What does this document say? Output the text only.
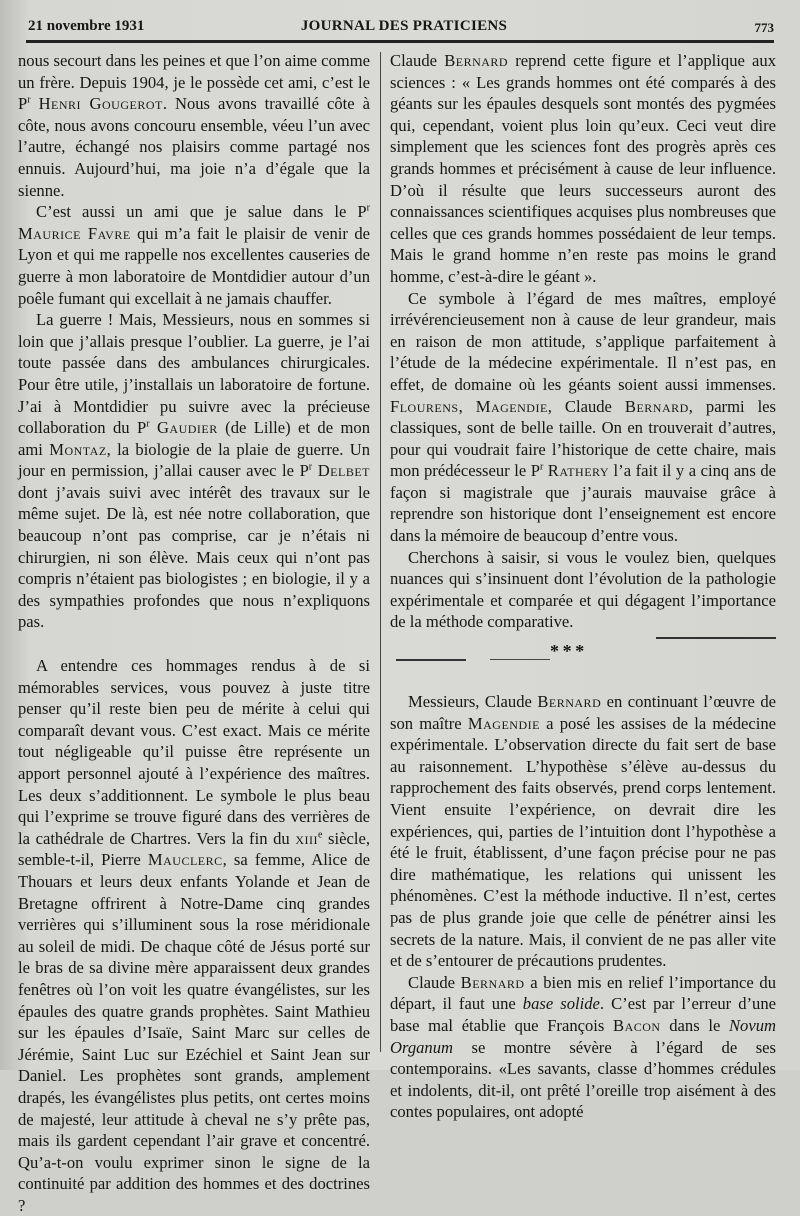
21 novembre 1931	JOURNAL DES PRATICIENS	773

nous secourt dans les peines et que l’on aime comme un frère. Depuis 1904, je le possède cet ami, c’est le $P^r$ Henri Gougerot. Nous avons travaillé côte à côte, nous avons concouru ensemble, véeu l’un avec l’autre, échangé nos plaisirs comme partagé nos ennuis. Aujourd’hui, ma joie n’a d’égale que la sienne.

C’est aussi un ami que je salue dans le $P^r$ Maurice Favre qui m’a fait le plaisir de venir de Lyon et qui me rappelle nos excellentes causeries de guerre à mon laboratoire de Montdidier autour d’un poêle fumant qui excellait à ne jamais chauffer.

La guerre ! Mais, Messieurs, nous en sommes si loin que j’allais presque l’oublier. La guerre, je l’ai toute passée dans des ambulances chirurgicales. Pour être utile, j’installais un laboratoire de fortune. J’ai à Montdidier pu suivre avec la précieuse collaboration du $P^r$ Gaudier (de Lille) et de mon ami Montaz, la biologie de la plaie de guerre. Un jour en permission, j’allai causer avec le $P^r$ Delbet dont j’avais suivi avec intérêt des travaux sur le même sujet. De là, est née notre collaboration, que beaucoup n’ont pas comprise, car je n’étais ni chirurgien, ni son élève. Mais ceux qui n’ont pas compris n’étaient pas biologistes ; en biologie, il y a des sympathies profondes que nous n’expliquons pas.

A entendre ces hommages rendus à de si mémorables services, vous pouvez à juste titre penser qu’il reste bien peu de mérite à celui qui comparaît devant vous. C’est exact. Mais ce mérite tout négligeable qu’il puisse être représente un apport personnel ajouté à l’expérience des maîtres. Les deux s’additionnent. Le symbole le plus beau qui l’exprime se trouve figuré dans des verrières de la cathédrale de Chartres. Vers la fin du xiii$^e$ siècle, semble-t-il, Pierre Mauclerc, sa femme, Alice de Thouars et leurs deux enfants Yolande et Jean de Bretagne offrirent à Notre-Dame cinq grandes verrières qui s’illuminent sous la rose méridionale au soleil de midi. De chaque côté de Jésus porté sur le bras de sa divine mère apparaissent deux grandes fenêtres où l’on voit les quatre évangélistes, sur les épaules des quatre grands prophètes. Saint Mathieu sur les épaules d’Isaïe, Saint Marc sur celles de Jérémie, Saint Luc sur Ezéchiel et Saint Jean sur Daniel. Les prophètes sont grands, amplement drapés, les évangélistes plus petits, ont certes moins de majesté, leur attitude à cheval ne s’y prête pas, mais ils gardent cependant l’air grave et concentré. Qu’a-t-on voulu exprimer sinon le signe de la continuité par addition des hommes et des doctrines ?

Claude Bernard reprend cette figure et l’applique aux sciences : « Les grands hommes ont été comparés à des géants sur les épaules desquels sont montés des pygmées qui, cependant, voient plus loin qu’eux. Ceci veut dire simplement que les sciences font des progrès après ces grands hommes et précisément à cause de leur influence. D’où il résulte que leurs successeurs auront des connaissances scientifiques acquises plus nombreuses que celles que ces grands hommes possédaient de leur temps. Mais le grand homme n’en reste pas moins le grand homme, c’est-à-dire le géant ».

Ce symbole à l’égard de mes maîtres, employé irrévérencieusement non à cause de leur grandeur, mais en raison de mon attitude, s’applique parfaitement à l’étude de la médecine expérimentale. Il n’est pas, en effet, de domaine où les géants soient aussi immenses. Flourens, Magendie, Claude Bernard, parmi les classiques, sont de belle taille. On en trouverait d’autres, pour qui voudrait faire l’historique de cette chaire, mais mon prédécesseur le $P^r$ Rathery l’a fait il y a cinq ans de façon si magistrale que j’aurais mauvaise grâce à reprendre son historique dont l’enseignement est encore dans la mémoire de beaucoup d’entre vous.

Cherchons à saisir, si vous le voulez bien, quelques nuances qui s’insinuent dont l’évolution de la pathologie expérimentale et comparée et qui dégagent l’importance de la méthode comparative.

* * *

Messieurs, Claude Bernard en continuant l’œuvre de son maître Magendie a posé les assises de la médecine expérimentale. L’observation directe du fait sert de base au raisonnement. L’hypothèse s’élève au-dessus du rapprochement des faits observés, prend corps lentement. Vient ensuite l’expérience, on devrait dire les expériences, qui, parties de l’intuition dont l’hypothèse a été le fruit, établissent, d’une façon précise pour ne pas dire mathématique, les relations qui unissent les phénomènes. C’est la méthode inductive. Il n’est, certes pas de plus grande joie que celle de pénétrer ainsi les secrets de la nature. Mais, il convient de ne pas aller vite et de s’entourer de précautions prudentes.

Claude Bernard a bien mis en relief l’importance du départ, il faut une base solide. C’est par l’erreur d’une base mal établie que François Bacon dans le Novum Organum se montre sévère à l’égard de ses contemporains. «Les savants, classe d’hommes crédules et indolents, dit-il, ont prêté l’oreille trop aisément à des contes populaires, ont adopté
